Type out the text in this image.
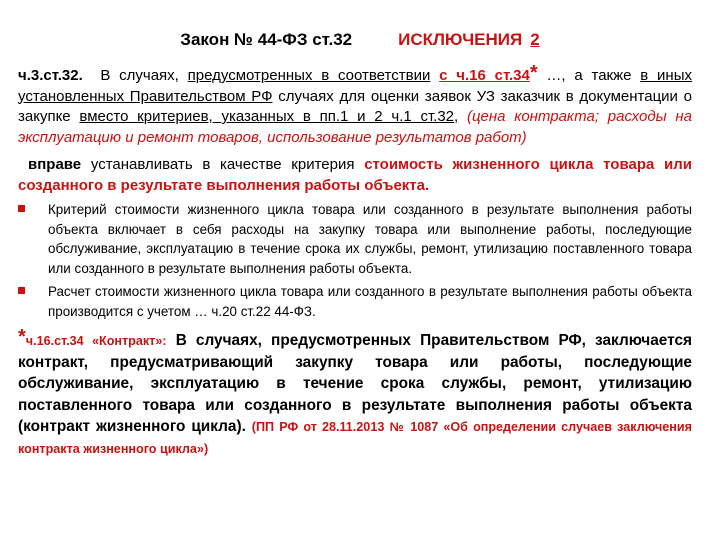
Закон № 44-ФЗ ст.32	ИСКЛЮЧЕНИЯ 2
ч.3.ст.32. В случаях, предусмотренных в соответствии с ч.16 ст.34* …, а также в иных установленных Правительством РФ случаях для оценки заявок УЗ заказчик в документации о закупке вместо критериев, указанных в пп.1 и 2 ч.1 ст.32, (цена контракта; расходы на эксплуатацию и ремонт товаров, использование результатов работ)
вправе устанавливать в качестве критерия стоимость жизненного цикла товара или созданного в результате выполнения работы объекта.
Критерий стоимости жизненного цикла товара или созданного в результате выполнения работы объекта включает в себя расходы на закупку товара или выполнение работы, последующие обслуживание, эксплуатацию в течение срока их службы, ремонт, утилизацию поставленного товара или созданного в результате выполнения работы объекта.
Расчет стоимости жизненного цикла товара или созданного в результате выполнения работы объекта производится с учетом … ч.20 ст.22 44-ФЗ.
*ч.16.ст.34 «Контракт»: В случаях, предусмотренных Правительством РФ, заключается контракт, предусматривающий закупку товара или работы, последующие обслуживание, эксплуатацию в течение срока службы, ремонт, утилизацию поставленного товара или созданного в результате выполнения работы объекта (контракт жизненного цикла). (ПП РФ от 28.11.2013 № 1087 «Об определении случаев заключения контракта жизненного цикла»)
